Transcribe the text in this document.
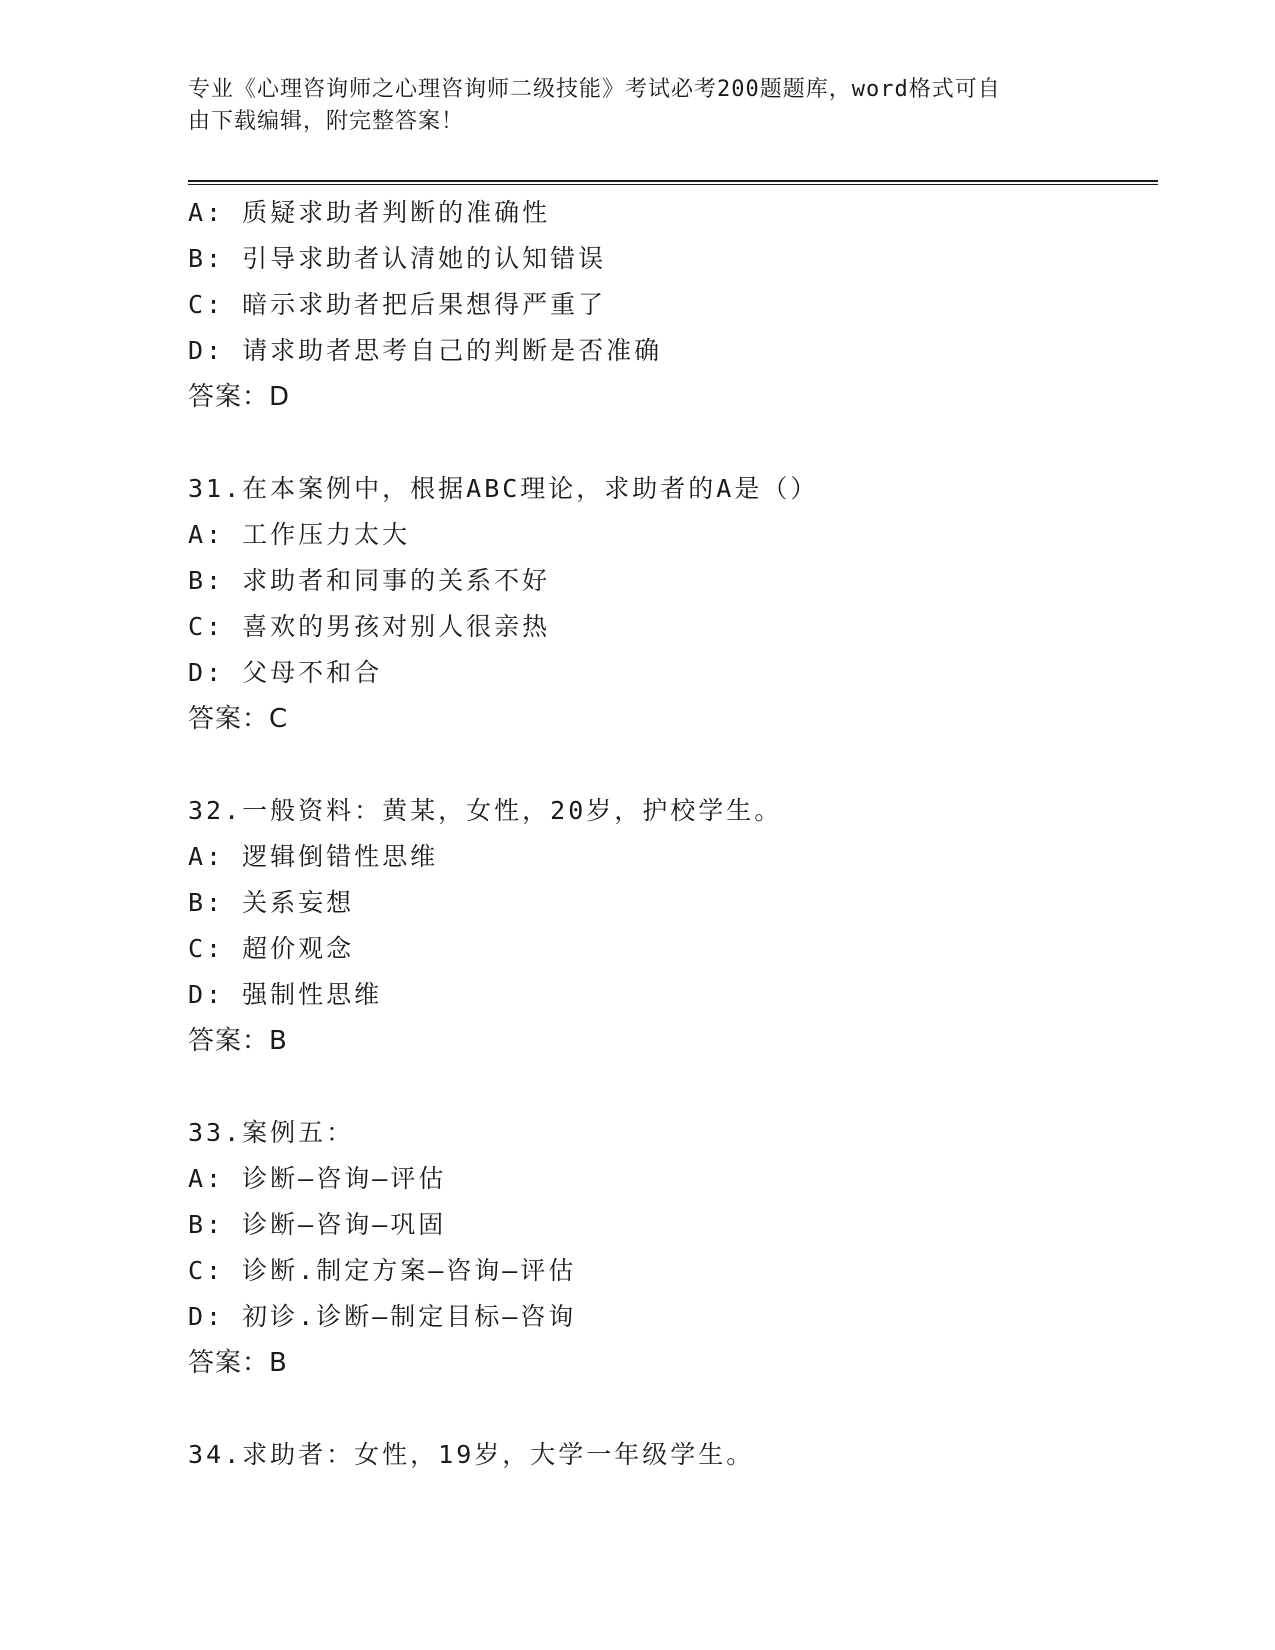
专业《心理咨询师之心理咨询师二级技能》考试必考200题题库，word格式可自
由下载编辑，附完整答案！
A: 质疑求助者判断的准确性
B: 引导求助者认清她的认知错误
C: 暗示求助者把后果想得严重了
D: 请求助者思考自己的判断是否准确
答案：D
31.在本案例中，根据ABC理论，求助者的A是（）
A: 工作压力太大
B: 求助者和同事的关系不好
C: 喜欢的男孩对别人很亲热
D: 父母不和合
答案：C
32.一般资料：黄某，女性，20岁，护校学生。
A: 逻辑倒错性思维
B: 关系妄想
C: 超价观念
D: 强制性思维
答案：B
33.案例五：
A: 诊断—咨询—评估
B: 诊断—咨询—巩固
C: 诊断.制定方案—咨询—评估
D: 初诊.诊断—制定目标—咨询
答案：B
34.求助者：女性，19岁，大学一年级学生。
